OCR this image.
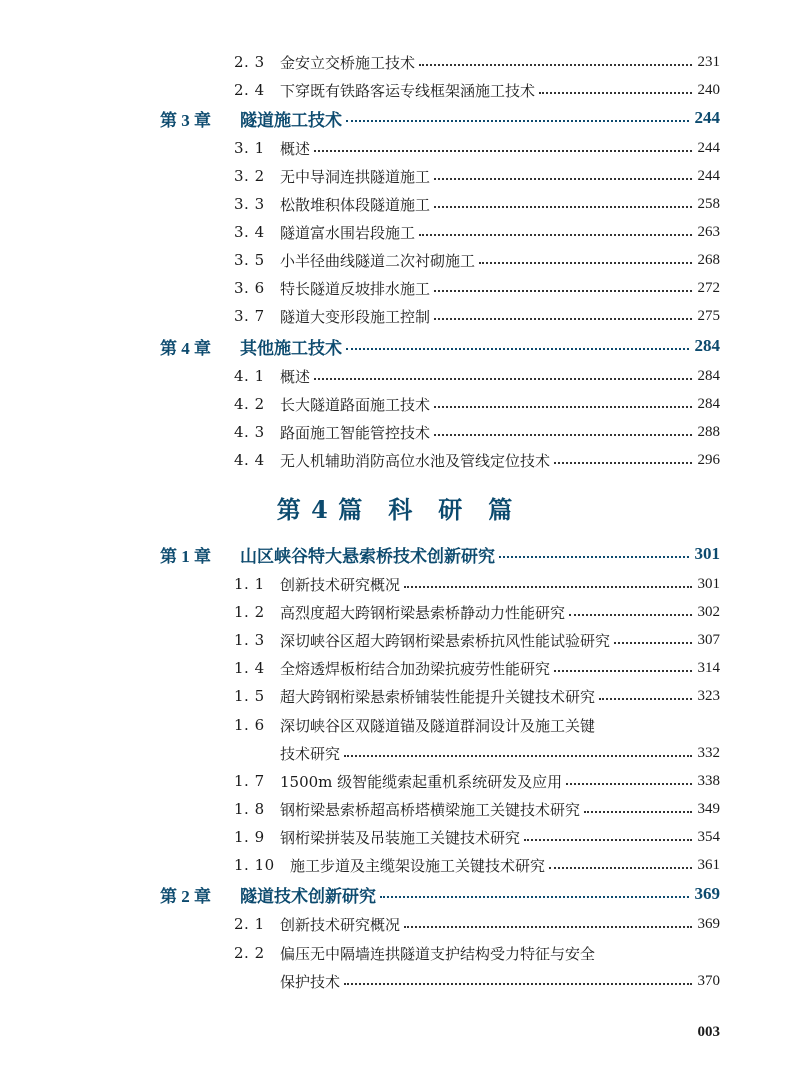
2. 3	金安立交桥施工技术	231
2. 4	下穿既有铁路客运专线框架涵施工技术	240
第 3 章	隧道施工技术	244
3. 1	概述	244
3. 2	无中导洞连拱隧道施工	244
3. 3	松散堆积体段隧道施工	258
3. 4	隧道富水围岩段施工	263
3. 5	小半径曲线隧道二次衬砌施工	268
3. 6	特长隧道反坡排水施工	272
3. 7	隧道大变形段施工控制	275
第 4 章	其他施工技术	284
4. 1	概述	284
4. 2	长大隧道路面施工技术	284
4. 3	路面施工智能管控技术	288
4. 4	无人机辅助消防高位水池及管线定位技术	296
第 4 篇　科　研　篇
第 1 章	山区峡谷特大悬索桥技术创新研究	301
1. 1	创新技术研究概况	301
1. 2	高烈度超大跨钢桁梁悬索桥静动力性能研究	302
1. 3	深切峡谷区超大跨钢桁梁悬索桥抗风性能试验研究	307
1. 4	全熔透焊板桁结合加劲梁抗疲劳性能研究	314
1. 5	超大跨钢桁梁悬索桥铺装性能提升关键技术研究	323
1. 6	深切峡谷区双隧道锚及隧道群洞设计及施工关键
技术研究	332
1. 7	1500m 级智能缆索起重机系统研发及应用	338
1. 8	钢桁梁悬索桥超高桥塔横梁施工关键技术研究	349
1. 9	钢桁梁拼装及吊装施工关键技术研究	354
1. 10	施工步道及主缆架设施工关键技术研究	361
第 2 章	隧道技术创新研究	369
2. 1	创新技术研究概况	369
2. 2	偏压无中隔墙连拱隧道支护结构受力特征与安全
保护技术	370
003
